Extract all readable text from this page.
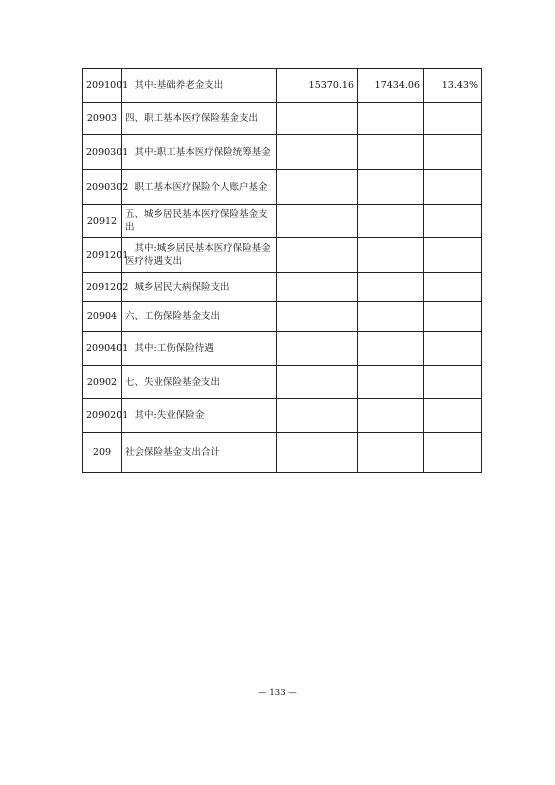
2091001	　其中:基础养老金支出	15370.16	17434.06	13.43%
20903	四、职工基本医疗保险基金支出			
2090301	　其中:职工基本医疗保险统筹基金			
2090302	　职工基本医疗保险个人账户基金			
20912	五、城乡居民基本医疗保险基金支出			
2091201	　其中:城乡居民基本医疗保险基金医疗待遇支出			
2091202	　城乡居民大病保险支出			
20904	六、工伤保险基金支出			
2090401	　其中:工伤保险待遇			
20902	七、失业保险基金支出			
2090201	　其中:失业保险金			
209	社会保险基金支出合计			
— 133 —
